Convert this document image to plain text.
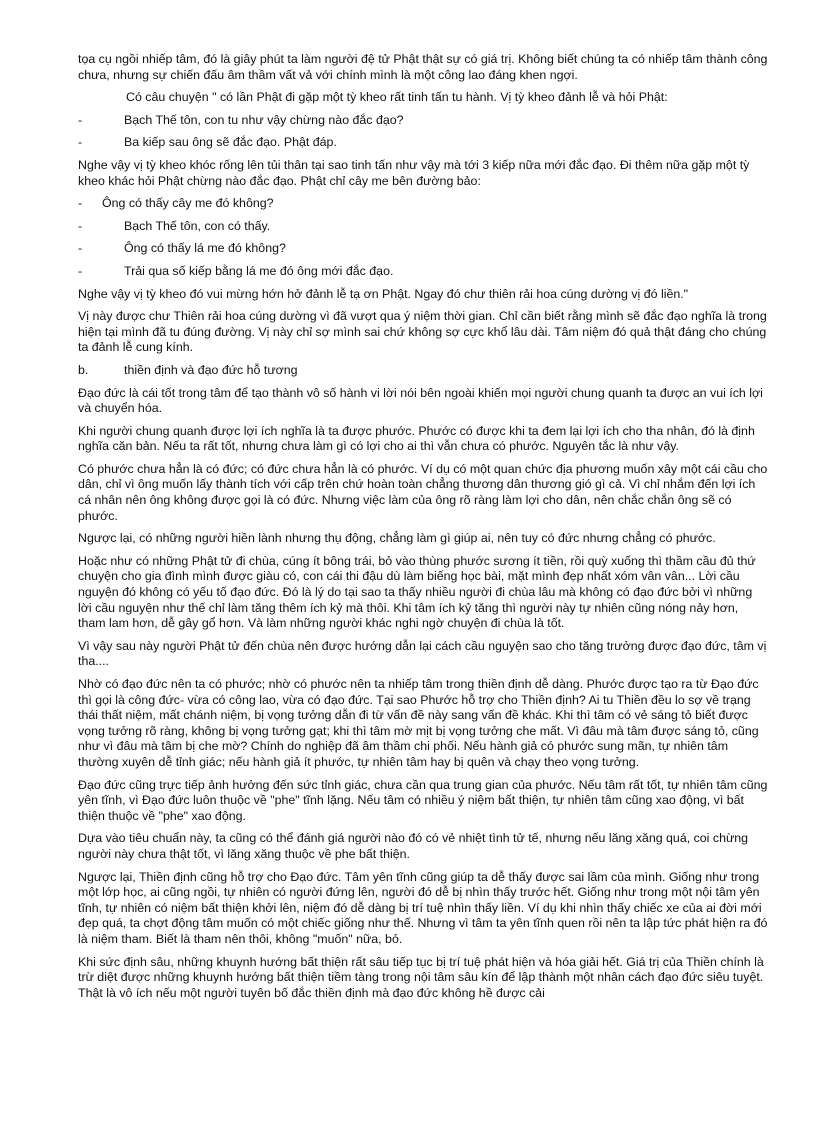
tọa cụ ngồi nhiếp tâm, đó là giây phút ta làm người đệ tử Phật thật sự có giá trị. Không biết chúng ta có nhiếp tâm thành công chưa, nhưng sự chiến đấu âm thầm vất vả với chính mình là một công lao đáng khen ngợi.

Có câu chuyện " có lần Phật đi gặp một tỳ kheo rất tinh tấn tu hành. Vị tỳ kheo đảnh lễ và hỏi Phật:

-	Bạch Thế tôn, con tu như vậy chừng nào đắc đạo?
-	Ba kiếp sau ông sẽ đắc đạo. Phật đáp.

Nghe vậy vị tỳ kheo khóc rống lên tủi thân tại sao tinh tấn như vậy mà tới 3 kiếp nữa mới đắc đạo. Đi thêm nữa gặp một tỳ kheo khác hỏi Phật chừng nào đắc đạo. Phật chỉ cây me bên đường bảo:

-	Ông có thấy cây me đó không?
-	Bạch Thế tôn, con có thấy.
-	Ông có thấy lá me đó không?
-	Trải qua số kiếp bằng lá me đó ông mới đắc đạo.

Nghe vậy vị tỳ kheo đó vui mừng hớn hở đảnh lễ tạ ơn Phật. Ngay đó chư thiên rải hoa cúng dường vị đó liền."

Vị này được chư Thiên rải hoa cúng dường vì đã vượt qua ý niệm thời gian. Chỉ cần biết rằng mình sẽ đắc đạo nghĩa là trong hiện tại mình đã tu đúng đường. Vị này chỉ sợ mình sai chứ không sợ cực khổ lâu dài. Tâm niệm đó quả thật đáng cho chúng ta đảnh lễ cung kính.

b.	thiền định và đạo đức hỗ tương

Đạo đức là cái tốt trong tâm để tạo thành vô số hành vi lời nói bên ngoài khiến mọi người chung quanh ta được an vui ích lợi và chuyển hóa.

Khi người chung quanh được lợi ích nghĩa là ta được phước. Phước có được khi ta đem lại lợi ích cho tha nhân, đó là định nghĩa căn bản. Nếu ta rất tốt, nhưng chưa làm gì có lợi cho ai thì vẫn chưa có phước. Nguyên tắc là như vậy.

Có phước chưa hẳn là có đức; có đức chưa hẳn là có phước. Ví dụ có một quan chức địa phương muốn xây một cái cầu cho dân, chỉ vì ông muốn lấy thành tích với cấp trên chứ hoàn toàn chẳng thương dân thương gió gì cả. Vì chỉ nhắm đến lợi ích cá nhân nên ông không được gọi là có đức. Nhưng việc làm của ông rõ ràng làm lợi cho dân, nên chắc chắn ông sẽ có phước.

Ngược lại, có những người hiền lành nhưng thụ động, chẳng làm gì giúp ai, nên tuy có đức nhưng chẳng có phước.

Hoặc như có những Phật tử đi chùa, cúng ít bông trái, bỏ vào thùng phước sương ít tiền, rồi quỳ xuống thì thầm cầu đủ thứ chuyện cho gia đình mình được giàu có, con cái thi đậu dù làm biếng học bài, mặt mình đẹp nhất xóm vân vân... Lời cầu nguyện đó không có yếu tố đạo đức. Đó là lý do tại sao ta thấy nhiều người đi chùa lâu mà không có đạo đức bởi vì những lời cầu nguyện như thế chỉ làm tăng thêm ích kỷ mà thôi. Khi tâm ích kỷ tăng thì người này tự nhiên cũng nóng nảy hơn, tham lam hơn, dễ gây gổ hơn. Và làm những người khác nghi ngờ chuyện đi chùa là tốt.

Vì vậy sau này người Phật tử đến chùa nên được hướng dẫn lại cách cầu nguyện sao cho tăng trưởng được đạo đức, tâm vị tha....

Nhờ có đạo đức nên ta có phước; nhờ có phước nên ta nhiếp tâm trong thiền định dễ dàng. Phước được tạo ra từ Đạo đức thì gọi là công đức- vừa có công lao, vừa có đạo đức. Tại sao Phước hỗ trợ cho Thiền định? Ai tu Thiền đều lo sợ về trạng thái thất niệm, mất chánh niệm, bị vọng tưởng dẫn đi từ vấn đề này sang vấn đề khác. Khi thì tâm có vẻ sáng tỏ biết được vọng tưởng rõ ràng, không bị vọng tưởng gạt; khi thì tâm mờ mịt bị vọng tưởng che mất. Vì đâu mà tâm được sáng tỏ, cũng như vì đâu mà tâm bị che mờ? Chính do nghiệp đã âm thầm chi phối. Nếu hành giả có phước sung mãn, tự nhiên tâm thường xuyên dễ tỉnh giác; nếu hành giả ít phước, tự nhiên tâm hay bị quên và chạy theo vọng tưởng.

Đạo đức cũng trực tiếp ảnh hưởng đến sức tỉnh giác, chưa cần qua trung gian của phước. Nếu tâm rất tốt, tự nhiên tâm cũng yên tĩnh, vì Đạo đức luôn thuộc về "phe" tĩnh lặng. Nếu tâm có nhiều ý niệm bất thiện, tự nhiên tâm cũng xao động, vì bất thiện thuộc về "phe" xao động.

Dựa vào tiêu chuẩn này, ta cũng có thể đánh giá người nào đó có vẻ nhiệt tình tử tế, nhưng nếu lăng xăng quá, coi chừng người này chưa thật tốt, vì lăng xăng thuộc về phe bất thiện.

Ngược lại, Thiền định cũng hỗ trợ cho Đạo đức. Tâm yên tĩnh cũng giúp ta dễ thấy được sai lầm của mình. Giống như trong một lớp học, ai cũng ngồi, tự nhiên có người đứng lên, người đó dễ bị nhìn thấy trước hết. Giống như trong một nội tâm yên tĩnh, tự nhiên có niệm bất thiện khởi lên, niệm đó dễ dàng bị trí tuệ nhìn thấy liền. Ví dụ khi nhìn thấy chiếc xe của ai đời mới đẹp quá, ta chợt động tâm muốn có một chiếc giống như thế. Nhưng vì tâm ta yên tĩnh quen rồi nên ta lập tức phát hiện ra đó là niệm tham. Biết là tham nên thôi, không "muốn" nữa, bỏ.

Khi sức định sâu, những khuynh hướng bất thiện rất sâu tiếp tục bị trí tuệ phát hiện và hóa giải hết. Giá trị của Thiền chính là trừ diệt được những khuynh hướng bất thiện tiềm tàng trong nội tâm sâu kín để lập thành một nhân cách đạo đức siêu tuyệt. Thật là vô ích nếu một người tuyên bố đắc thiền định mà đạo đức không hề được cải
